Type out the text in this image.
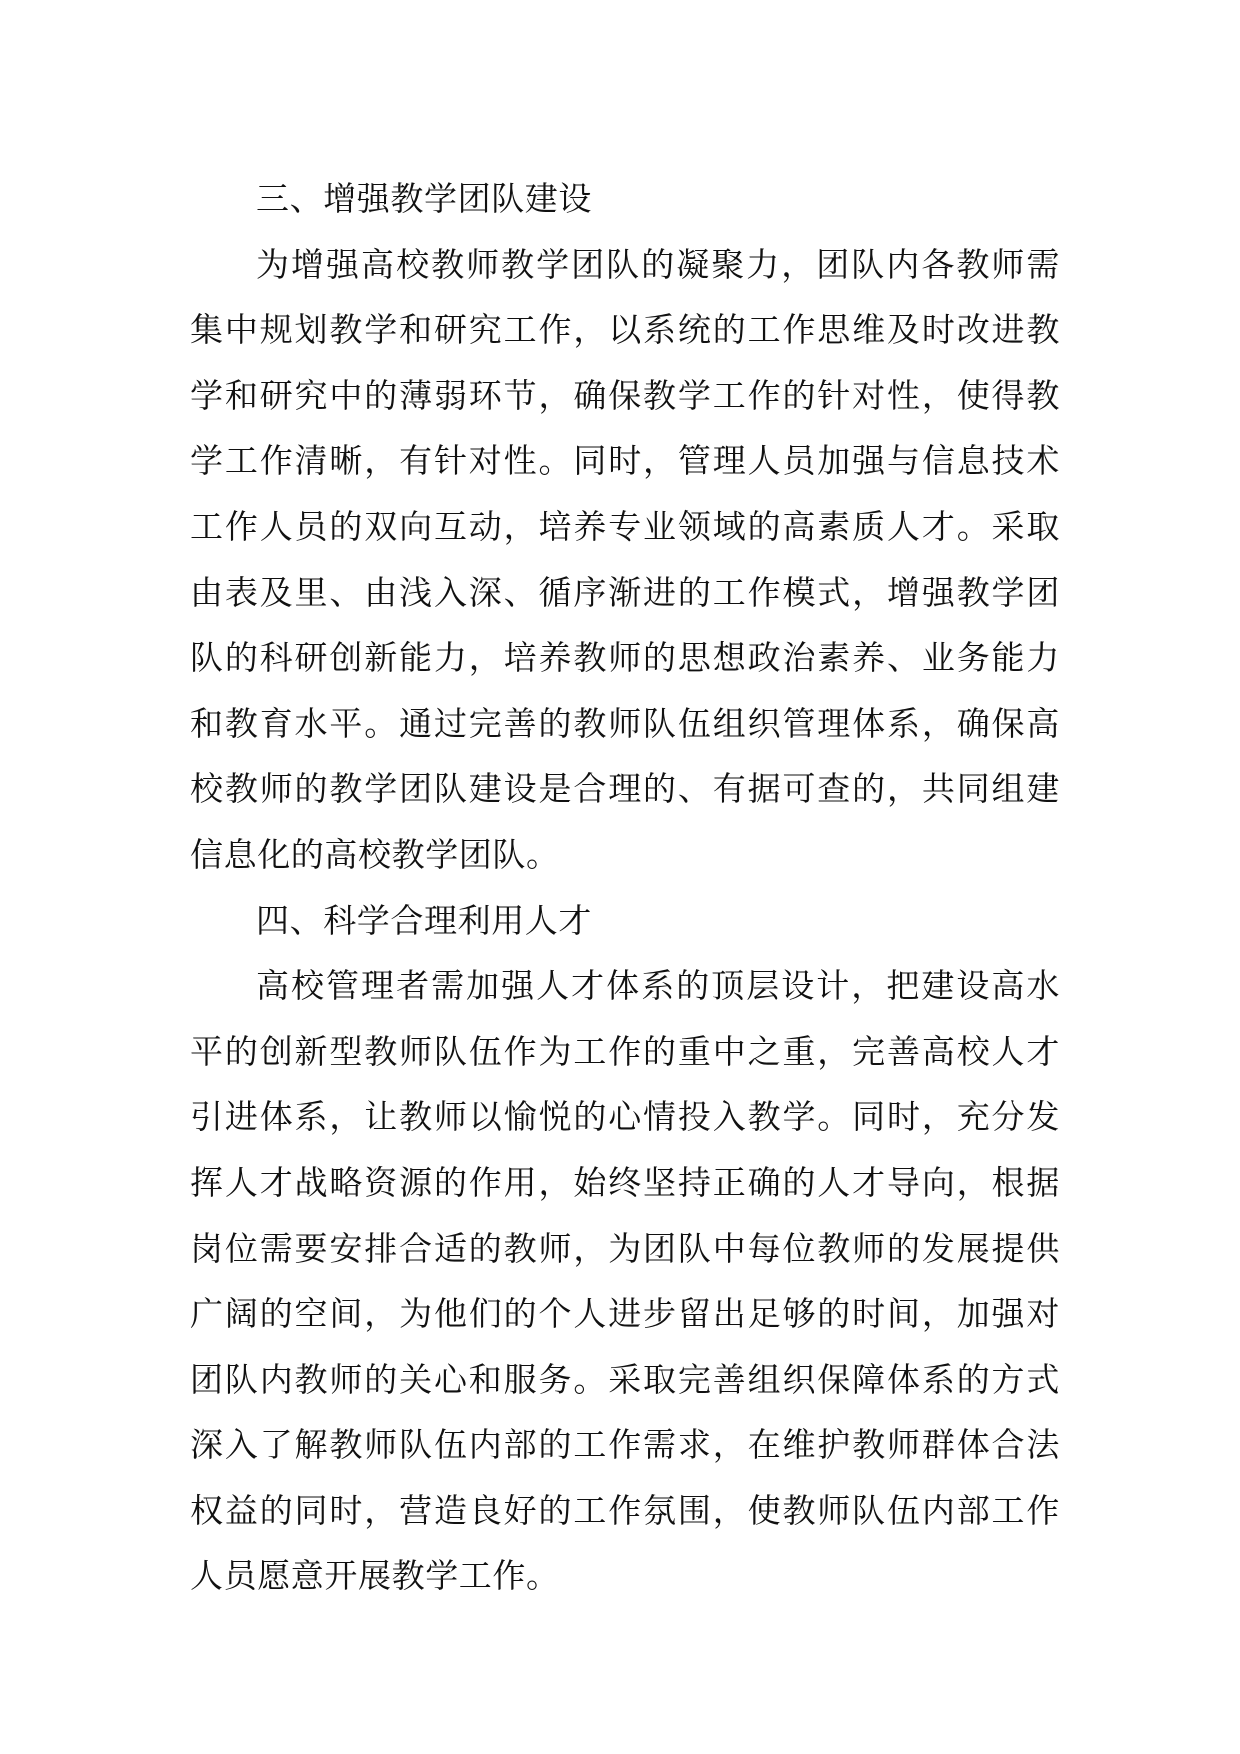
三、增强教学团队建设

为增强高校教师教学团队的凝聚力，团队内各教师需集中规划教学和研究工作，以系统的工作思维及时改进教学和研究中的薄弱环节，确保教学工作的针对性，使得教学工作清晰，有针对性。同时，管理人员加强与信息技术工作人员的双向互动，培养专业领域的高素质人才。采取由表及里、由浅入深、循序渐进的工作模式，增强教学团队的科研创新能力，培养教师的思想政治素养、业务能力和教育水平。通过完善的教师队伍组织管理体系，确保高校教师的教学团队建设是合理的、有据可查的，共同组建信息化的高校教学团队。

四、科学合理利用人才

高校管理者需加强人才体系的顶层设计，把建设高水平的创新型教师队伍作为工作的重中之重，完善高校人才引进体系，让教师以愉悦的心情投入教学。同时，充分发挥人才战略资源的作用，始终坚持正确的人才导向，根据岗位需要安排合适的教师，为团队中每位教师的发展提供广阔的空间，为他们的个人进步留出足够的时间，加强对团队内教师的关心和服务。采取完善组织保障体系的方式深入了解教师队伍内部的工作需求，在维护教师群体合法权益的同时，营造良好的工作氛围，使教师队伍内部工作人员愿意开展教学工作。
